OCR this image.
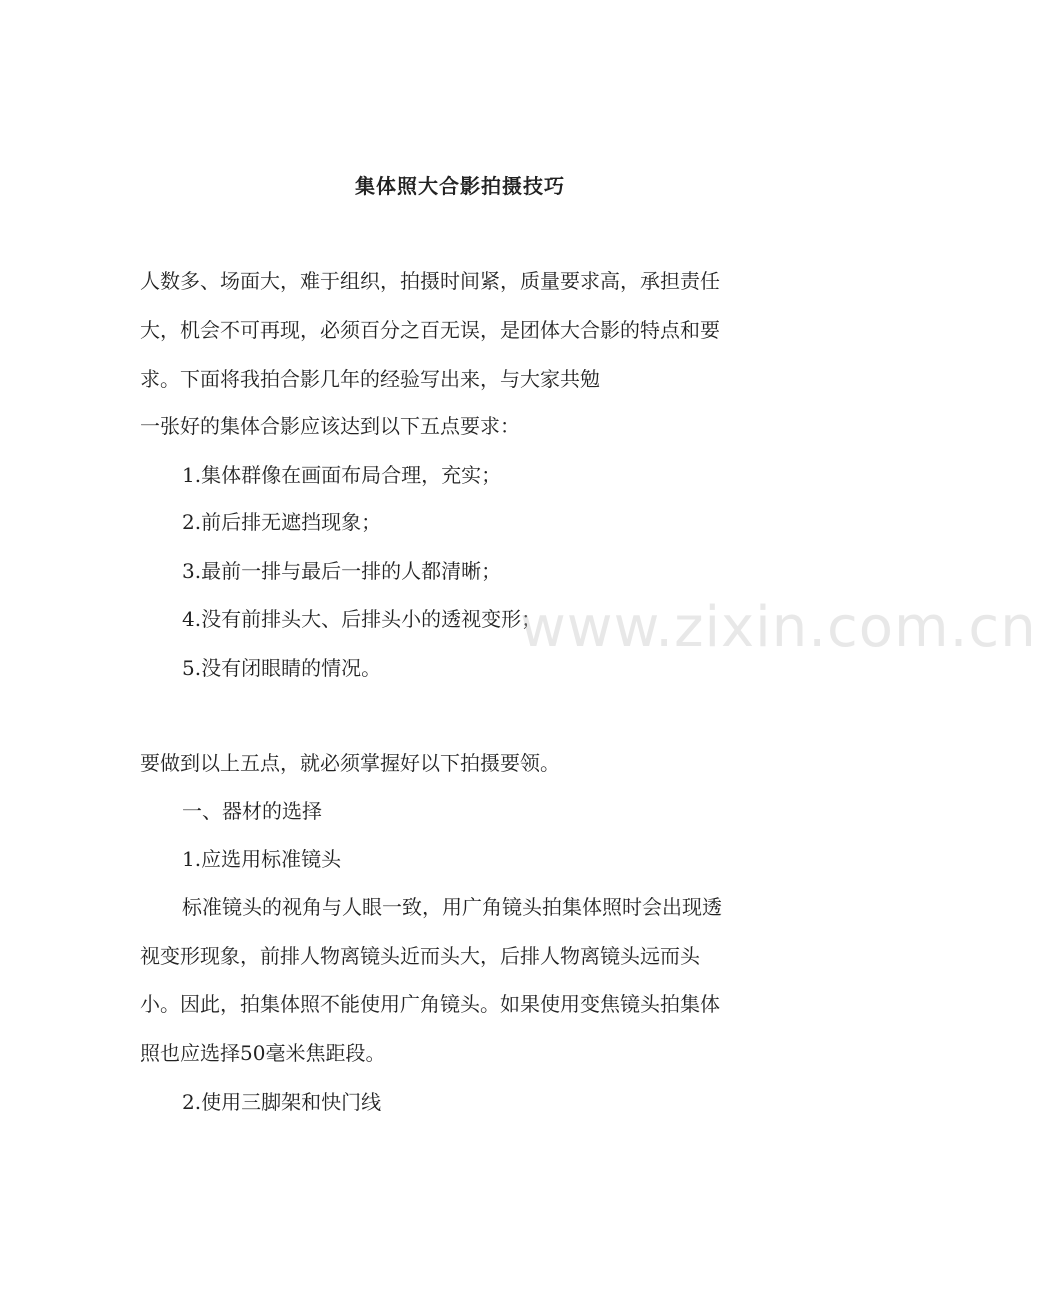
集体照大合影拍摄技巧

人数多、场面大，难于组织，拍摄时间紧，质量要求高，承担责任

大，机会不可再现，必须百分之百无误，是团体大合影的特点和要

求。下面将我拍合影几年的经验写出来，与大家共勉

一张好的集体合影应该达到以下五点要求：

1.集体群像在画面布局合理，充实；

2.前后排无遮挡现象；

3.最前一排与最后一排的人都清晰；

4.没有前排头大、后排头小的透视变形；

5.没有闭眼睛的情况。

要做到以上五点，就必须掌握好以下拍摄要领。

一、器材的选择

1.应选用标准镜头

标准镜头的视角与人眼一致，用广角镜头拍集体照时会出现透

视变形现象，前排人物离镜头近而头大，后排人物离镜头远而头

小。因此，拍集体照不能使用广角镜头。如果使用变焦镜头拍集体

照也应选择50毫米焦距段。

2.使用三脚架和快门线

www.zixin.com.cn
